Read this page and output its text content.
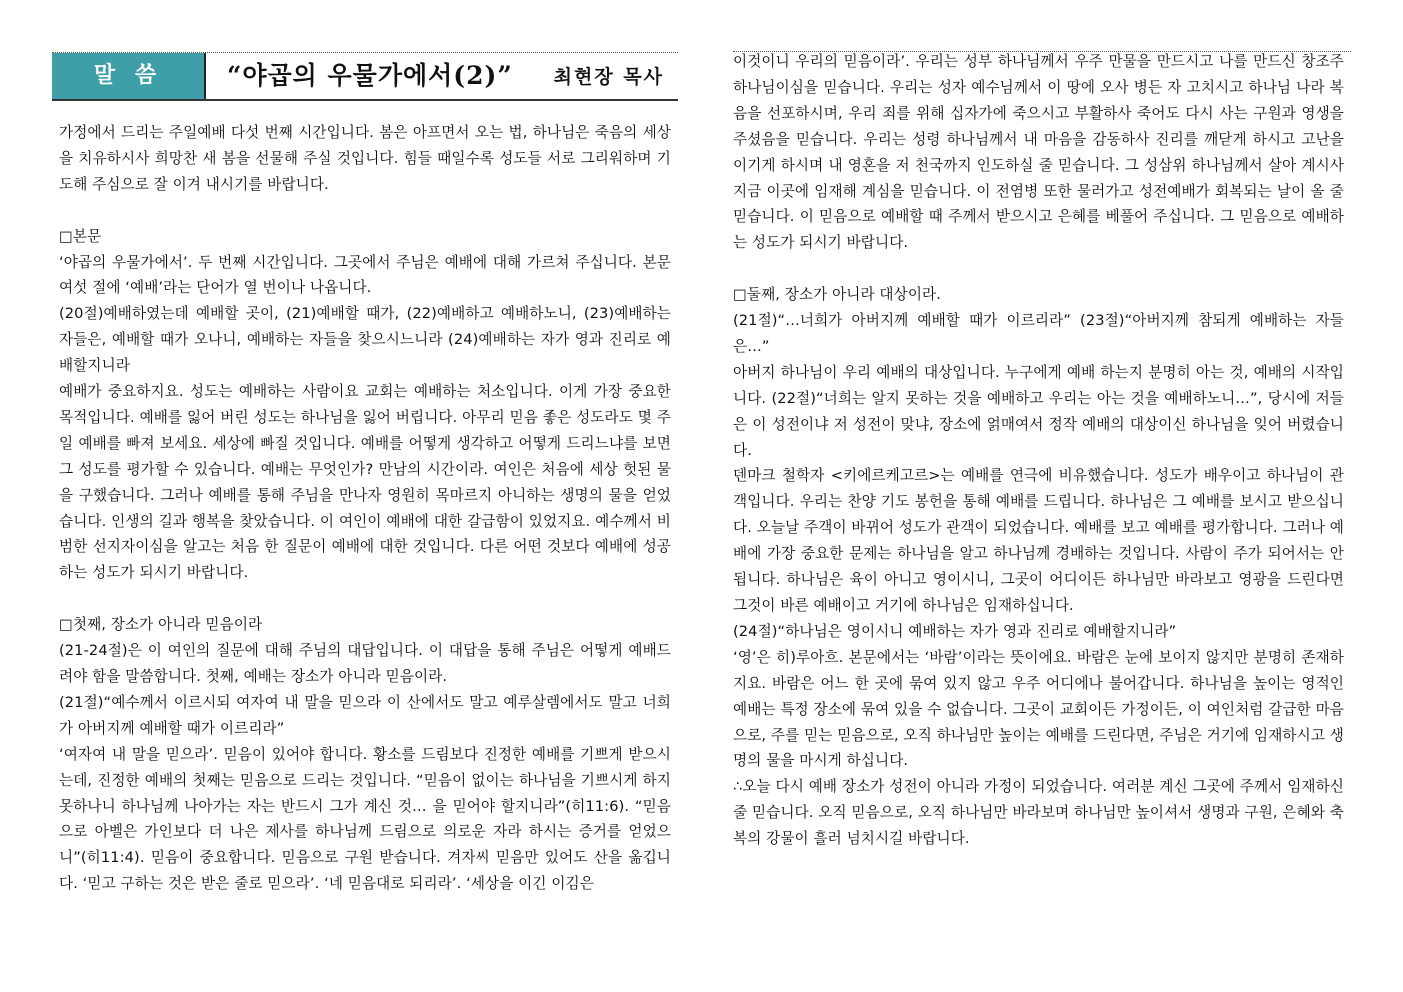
말 씀	“야곱의 우물가에서(2)” 최현장 목사

가정에서 드리는 주일예배 다섯 번째 시간입니다. 봄은 아프면서 오는 법, 하나님은 죽음의 세상을 치유하시사 희망찬 새 봄을 선물해 주실 것입니다. 힘들 때일수록 성도들 서로 그리워하며 기도해 주심으로 잘 이겨 내시기를 바랍니다.

□본문

‘야곱의 우물가에서’. 두 번째 시간입니다. 그곳에서 주님은 예배에 대해 가르쳐 주십니다. 본문 여섯 절에 ‘예배’라는 단어가 열 번이나 나옵니다.

(20절)예배하였는데 예배할 곳이, (21)예배할 때가, (22)예배하고 예배하노니, (23)예배하는 자들은, 예배할 때가 오나니, 예배하는 자들을 찾으시느니라 (24)예배하는 자가 영과 진리로 예배할지니라

예배가 중요하지요. 성도는 예배하는 사람이요 교회는 예배하는 처소입니다. 이게 가장 중요한 목적입니다. 예배를 잃어 버린 성도는 하나님을 잃어 버립니다. 아무리 믿음 좋은 성도라도 몇 주일 예배를 빠져 보세요. 세상에 빠질 것입니다. 예배를 어떻게 생각하고 어떻게 드리느냐를 보면 그 성도를 평가할 수 있습니다. 예배는 무엇인가? 만남의 시간이라. 여인은 처음에 세상 헛된 물을 구했습니다. 그러나 예배를 통해 주님을 만나자 영원히 목마르지 아니하는 생명의 물을 얻었습니다. 인생의 길과 행복을 찾았습니다. 이 여인이 예배에 대한 갈급함이 있었지요. 예수께서 비범한 선지자이심을 알고는 처음 한 질문이 예배에 대한 것입니다. 다른 어떤 것보다 예배에 성공하는 성도가 되시기 바랍니다.

□첫째, 장소가 아니라 믿음이라

(21-24절)은 이 여인의 질문에 대해 주님의 대답입니다. 이 대답을 통해 주님은 어떻게 예배드려야 함을 말씀합니다. 첫째, 예배는 장소가 아니라 믿음이라.

(21절)“예수께서 이르시되 여자여 내 말을 믿으라 이 산에서도 말고 예루살렘에서도 말고 너희가 아버지께 예배할 때가 이르리라”

‘여자여 내 말을 믿으라’. 믿음이 있어야 합니다. 황소를 드림보다 진정한 예배를 기쁘게 받으시는데, 진정한 예배의 첫째는 믿음으로 드리는 것입니다. “믿음이 없이는 하나님을 기쁘시게 하지 못하나니 하나님께 나아가는 자는 반드시 그가 계신 것… 을 믿어야 할지니라”(히11:6). “믿음으로 아벨은 가인보다 더 나은 제사를 하나님께 드림으로 의로운 자라 하시는 증거를 얻었으니”(히11:4). 믿음이 중요합니다. 믿음으로 구원 받습니다. 겨자씨 믿음만 있어도 산을 옮깁니다. ‘믿고 구하는 것은 받은 줄로 믿으라’. ‘네 믿음대로 되리라’. ‘세상을 이긴 이김은

이것이니 우리의 믿음이라’. 우리는 성부 하나님께서 우주 만물을 만드시고 나를 만드신 창조주 하나님이심을 믿습니다. 우리는 성자 예수님께서 이 땅에 오사 병든 자 고치시고 하나님 나라 복음을 선포하시며, 우리 죄를 위해 십자가에 죽으시고 부활하사 죽어도 다시 사는 구원과 영생을 주셨음을 믿습니다. 우리는 성령 하나님께서 내 마음을 감동하사 진리를 깨닫게 하시고 고난을 이기게 하시며 내 영혼을 저 천국까지 인도하실 줄 믿습니다. 그 성삼위 하나님께서 살아 계시사 지금 이곳에 임재해 계심을 믿습니다. 이 전염병 또한 물러가고 성전예배가 회복되는 날이 올 줄 믿습니다. 이 믿음으로 예배할 때 주께서 받으시고 은혜를 베풀어 주십니다. 그 믿음으로 예배하는 성도가 되시기 바랍니다.

□둘째, 장소가 아니라 대상이라.

(21절)“…너희가 아버지께 예배할 때가 이르리라” (23절)“아버지께 참되게 예배하는 자들은…”

아버지 하나님이 우리 예배의 대상입니다. 누구에게 예배 하는지 분명히 아는 것, 예배의 시작입니다. (22절)“너희는 알지 못하는 것을 예배하고 우리는 아는 것을 예배하노니…”, 당시에 저들은 이 성전이냐 저 성전이 맞냐, 장소에 얽매여서 정작 예배의 대상이신 하나님을 잊어 버렸습니다.

덴마크 철학자 <키에르케고르>는 예배를 연극에 비유했습니다. 성도가 배우이고 하나님이 관객입니다. 우리는 찬양 기도 봉헌을 통해 예배를 드립니다. 하나님은 그 예배를 보시고 받으십니다. 오늘날 주객이 바뀌어 성도가 관객이 되었습니다. 예배를 보고 예배를 평가합니다. 그러나 예배에 가장 중요한 문제는 하나님을 알고 하나님께 경배하는 것입니다. 사람이 주가 되어서는 안됩니다. 하나님은 육이 아니고 영이시니, 그곳이 어디이든 하나님만 바라보고 영광을 드린다면 그것이 바른 예배이고 거기에 하나님은 임재하십니다.

(24절)“하나님은 영이시니 예배하는 자가 영과 진리로 예배할지니라”

‘영’은 히)루아흐. 본문에서는 ‘바람’이라는 뜻이에요. 바람은 눈에 보이지 않지만 분명히 존재하지요. 바람은 어느 한 곳에 묶여 있지 않고 우주 어디에나 불어갑니다. 하나님을 높이는 영적인 예배는 특정 장소에 묶여 있을 수 없습니다. 그곳이 교회이든 가정이든, 이 여인처럼 갈급한 마음으로, 주를 믿는 믿음으로, 오직 하나님만 높이는 예배를 드린다면, 주님은 거기에 임재하시고 생명의 물을 마시게 하십니다.

∴오늘 다시 예배 장소가 성전이 아니라 가정이 되었습니다. 여러분 계신 그곳에 주께서 임재하신 줄 믿습니다. 오직 믿음으로, 오직 하나님만 바라보며 하나님만 높이셔서 생명과 구원, 은혜와 축복의 강물이 흘러 넘치시길 바랍니다.
